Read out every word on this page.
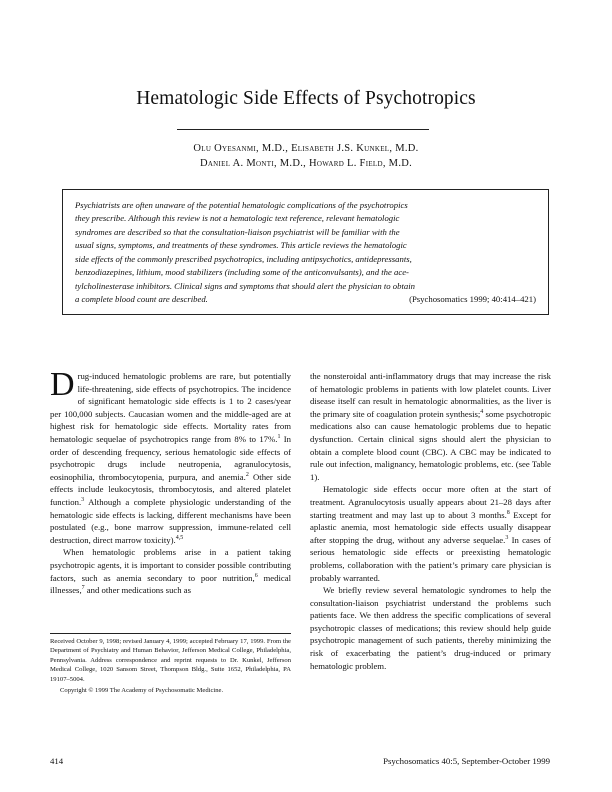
Hematologic Side Effects of Psychotropics
Olu Oyesanmi, M.D., Elisabeth J.S. Kunkel, M.D.
Daniel A. Monti, M.D., Howard L. Field, M.D.
Psychiatrists are often unaware of the potential hematologic complications of the psychotropics
they prescribe. Although this review is not a hematologic text reference, relevant hematologic
syndromes are described so that the consultation-liaison psychiatrist will be familiar with the
usual signs, symptoms, and treatments of these syndromes. This article reviews the hematologic
side effects of the commonly prescribed psychotropics, including antipsychotics, antidepressants,
benzodiazepines, lithium, mood stabilizers (including some of the anticonvulsants), and the ace-
tylcholinesterase inhibitors. Clinical signs and symptoms that should alert the physician to obtain
a complete blood count are described.	(Psychosomatics 1999; 40:414–421)

Drug-induced hematologic problems are rare, but potentially life-threatening, side effects of psychotropics. The incidence of significant hematologic side effects is 1 to 2 cases/year per 100,000 subjects. Caucasian women and the middle-aged are at highest risk for hematologic side effects. Mortality rates from hematologic sequelae of psychotropics range from 8% to 17%.$^1$ In order of descending frequency, serious hematologic side effects of psychotropic drugs include neutropenia, agranulocytosis, eosinophilia, thrombocytopenia, purpura, and anemia.$^2$ Other side effects include leukocytosis, thrombocytosis, and altered platelet function.$^3$ Although a complete physiologic understanding of the hematologic side effects is lacking, different mechanisms have been postulated (e.g., bone marrow suppression, immune-related cell destruction, direct marrow toxicity).$^{4,5}$

When hematologic problems arise in a patient taking psychotropic agents, it is important to consider possible contributing factors, such as anemia secondary to poor nutrition,$^6$ medical illnesses,$^7$ and other medications such as

the nonsteroidal anti-inflammatory drugs that may increase the risk of hematologic problems in patients with low platelet counts. Liver disease itself can result in hematologic abnormalities, as the liver is the primary site of coagulation protein synthesis;$^4$ some psychotropic medications also can cause hematologic problems due to hepatic dysfunction. Certain clinical signs should alert the physician to obtain a complete blood count (CBC). A CBC may be indicated to rule out infection, malignancy, hematologic problems, etc. (see Table 1).

Hematologic side effects occur more often at the start of treatment. Agranulocytosis usually appears about 21–28 days after starting treatment and may last up to about 3 months.$^8$ Except for aplastic anemia, most hematologic side effects usually disappear after stopping the drug, without any adverse sequelae.$^3$ In cases of serious hematologic side effects or preexisting hematologic problems, collaboration with the patient’s primary care physician is probably warranted.

We briefly review several hematologic syndromes to help the consultation-liaison psychiatrist understand the problems such patients face. We then address the specific complications of several psychotropic classes of medications; this review should help guide psychotropic management of such patients, thereby minimizing the risk of exacerbating the patient’s drug-induced or primary hematologic problem.

Received October 9, 1998; revised January 4, 1999; accepted February 17, 1999. From the Department of Psychiatry and Human Behavior, Jefferson Medical College, Philadelphia, Pennsylvania. Address correspondence and reprint requests to Dr. Kunkel, Jefferson Medical College, 1020 Sansom Street, Thompson Bldg., Suite 1652, Philadelphia, PA 19107–5004.

Copyright © 1999 The Academy of Psychosomatic Medicine.

414	Psychosomatics 40:5, September-October 1999
